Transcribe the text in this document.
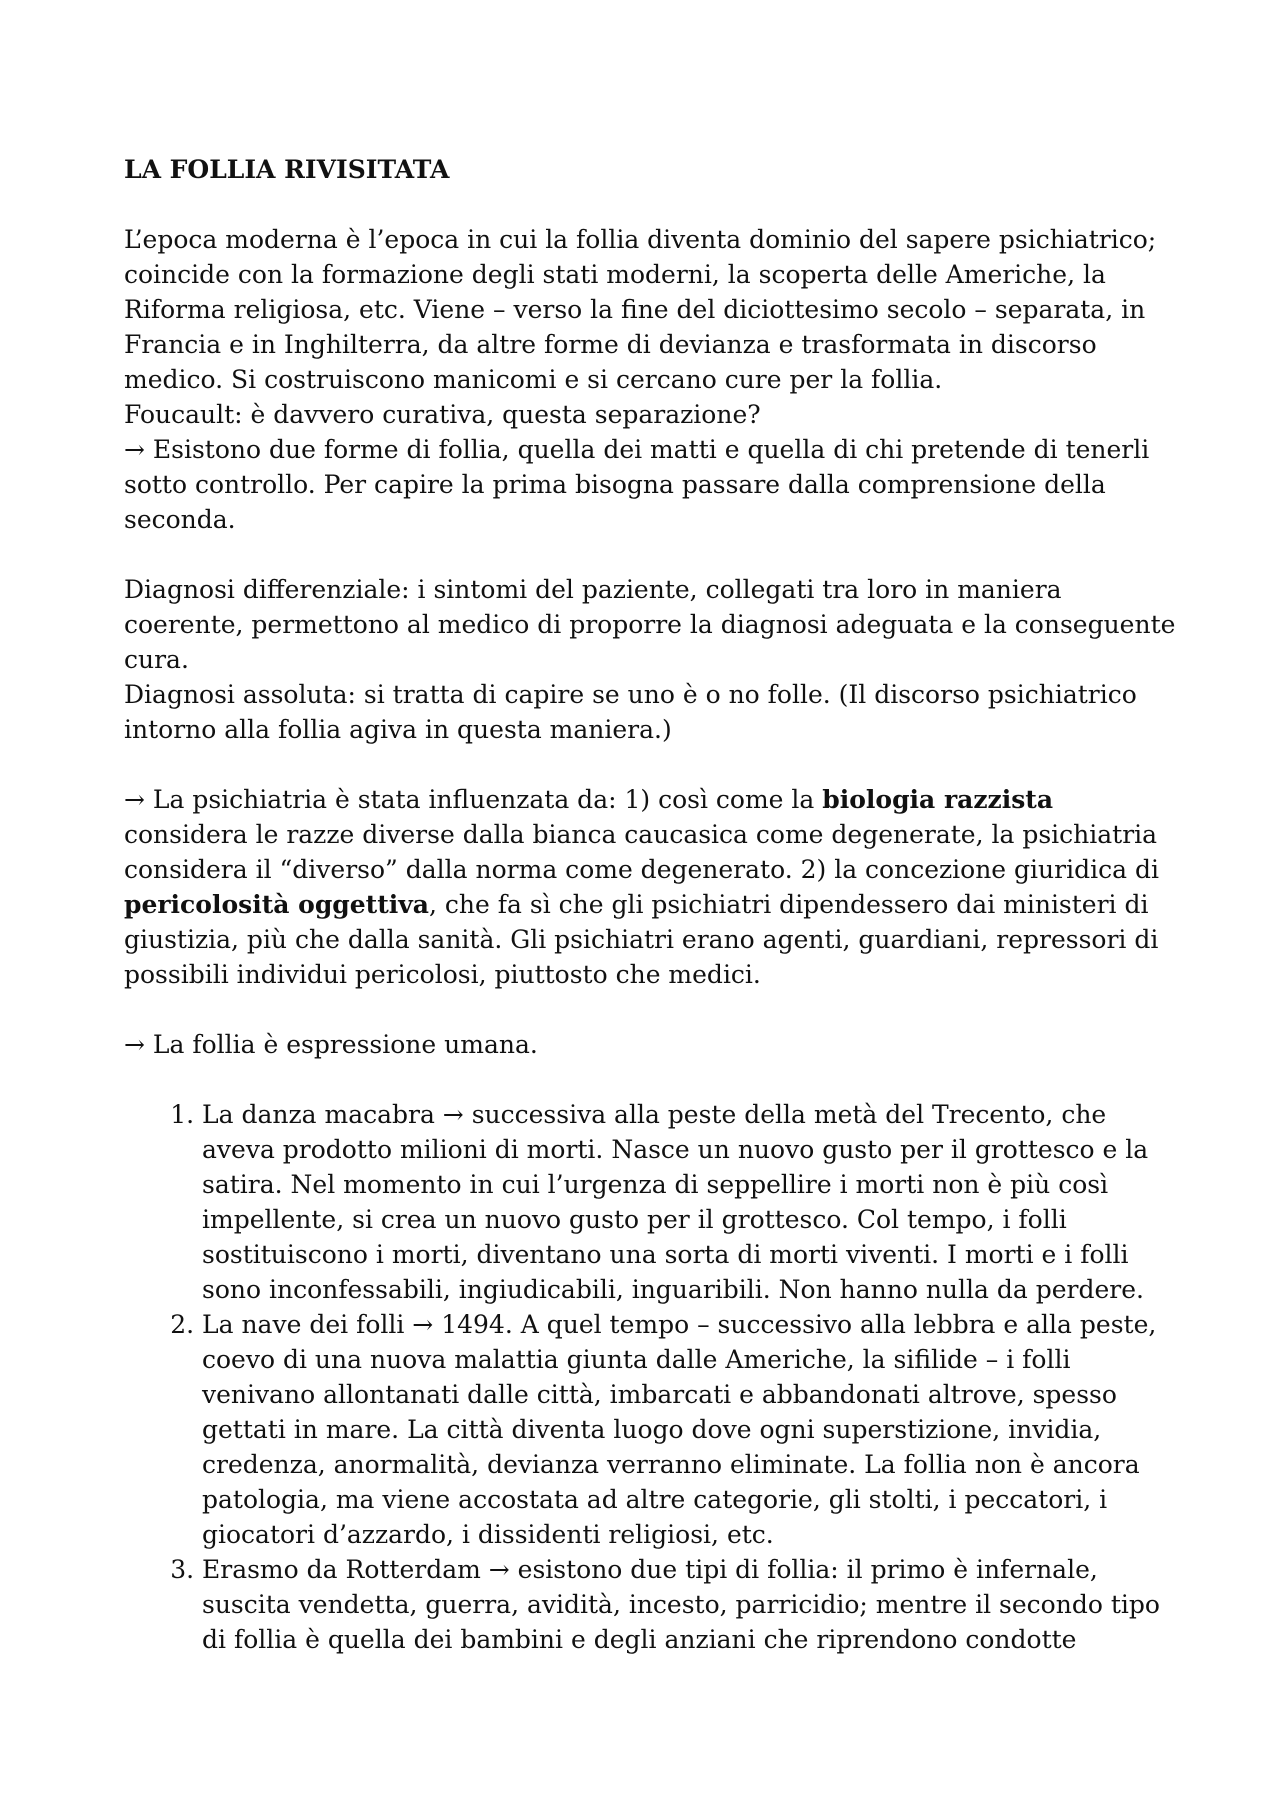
LA FOLLIA RIVISITATA

L’epoca moderna è l’epoca in cui la follia diventa dominio del sapere psichiatrico; coincide con la formazione degli stati moderni, la scoperta delle Americhe, la Riforma religiosa, etc. Viene – verso la fine del diciottesimo secolo – separata, in Francia e in Inghilterra, da altre forme di devianza e trasformata in discorso medico. Si costruiscono manicomi e si cercano cure per la follia.

Foucault: è davvero curativa, questa separazione?

→ Esistono due forme di follia, quella dei matti e quella di chi pretende di tenerli sotto controllo. Per capire la prima bisogna passare dalla comprensione della seconda.

Diagnosi differenziale: i sintomi del paziente, collegati tra loro in maniera coerente, permettono al medico di proporre la diagnosi adeguata e la conseguente cura.

Diagnosi assoluta: si tratta di capire se uno è o no folle. (Il discorso psichiatrico intorno alla follia agiva in questa maniera.)

→ La psichiatria è stata influenzata da: 1) così come la biologia razzista considera le razze diverse dalla bianca caucasica come degenerate, la psichiatria considera il “diverso” dalla norma come degenerato. 2) la concezione giuridica di pericolosità oggettiva, che fa sì che gli psichiatri dipendessero dai ministeri di giustizia, più che dalla sanità. Gli psichiatri erano agenti, guardiani, repressori di possibili individui pericolosi, piuttosto che medici.

→ La follia è espressione umana.

1. La danza macabra → successiva alla peste della metà del Trecento, che aveva prodotto milioni di morti. Nasce un nuovo gusto per il grottesco e la satira. Nel momento in cui l’urgenza di seppellire i morti non è più così impellente, si crea un nuovo gusto per il grottesco. Col tempo, i folli sostituiscono i morti, diventano una sorta di morti viventi. I morti e i folli sono inconfessabili, ingiudicabili, inguaribili. Non hanno nulla da perdere.
2. La nave dei folli → 1494. A quel tempo – successivo alla lebbra e alla peste, coevo di una nuova malattia giunta dalle Americhe, la sifilide – i folli venivano allontanati dalle città, imbarcati e abbandonati altrove, spesso gettati in mare. La città diventa luogo dove ogni superstizione, invidia, credenza, anormalità, devianza verranno eliminate. La follia non è ancora patologia, ma viene accostata ad altre categorie, gli stolti, i peccatori, i giocatori d’azzardo, i dissidenti religiosi, etc.
3. Erasmo da Rotterdam → esistono due tipi di follia: il primo è infernale, suscita vendetta, guerra, avidità, incesto, parricidio; mentre il secondo tipo di follia è quella dei bambini e degli anziani che riprendono condotte
